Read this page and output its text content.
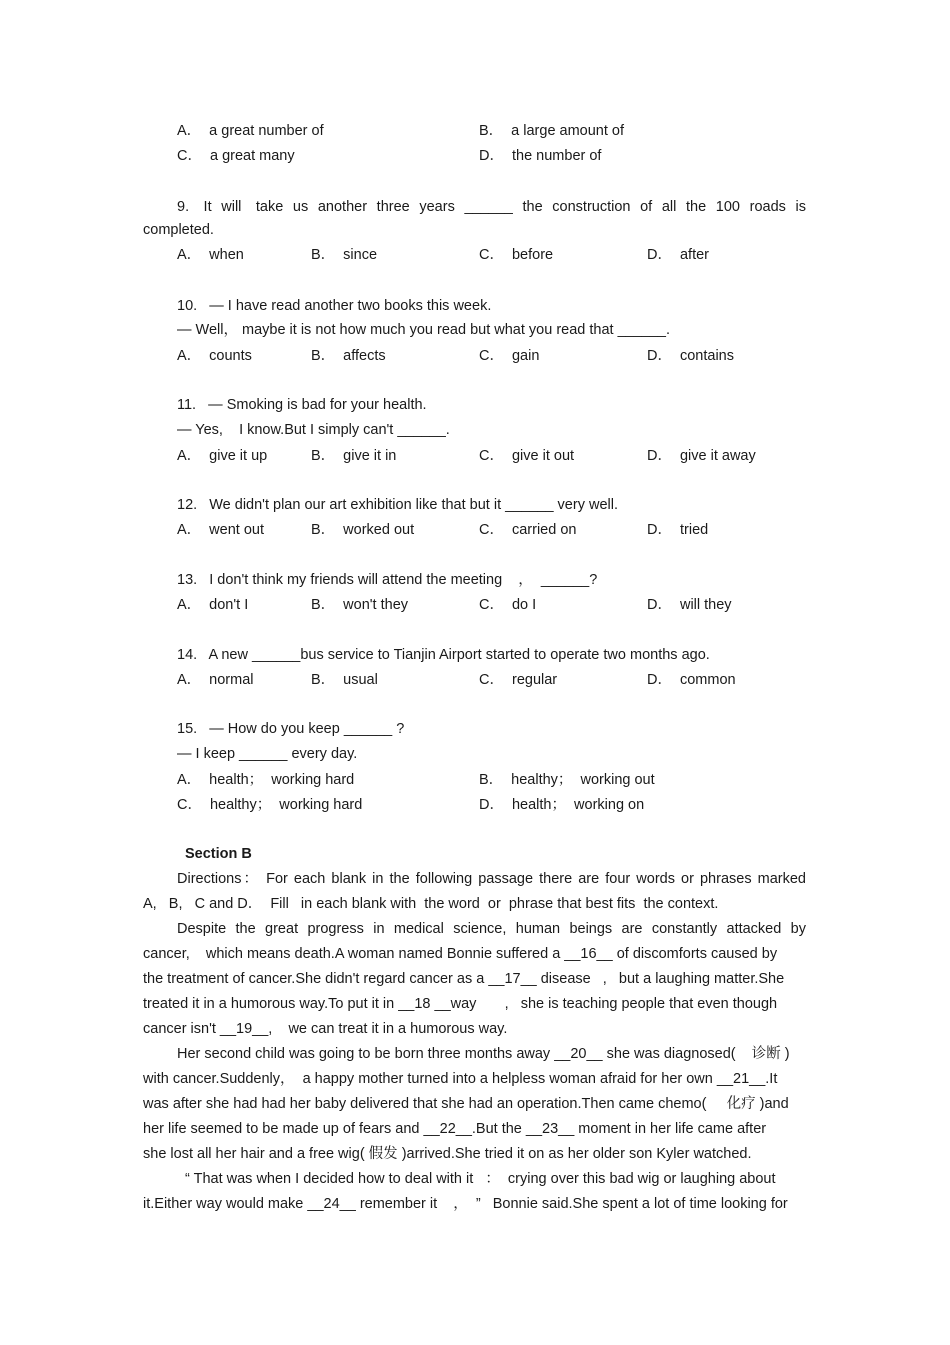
A． a great number of	B． a large amount of
C． a great many	D． the number of
9.   It  will   take  us  another  three  years  ______  the  construction  of  all  the  100  roads  is
completed.
A． when	B． since	C． before	D． after
10.   — I have read another two books this week.
— Well， maybe it is not how much you read but what you read that ______.
A． counts	B． affects	C． gain	D． contains
11.   — Smoking is bad for your health.
— Yes,    I know.But I simply can't ______.
A． give it up	B． give it in	C． give it out	D． give it away
12.   We didn't plan our art exhibition like that but it ______ very well.
A． went out	B． worked out	C． carried on	D． tried
13.   I don't think my friends will attend the meeting    ，  ______?
A． don't I	B． won't they	C． do I	D． will they
14.   A new ______bus service to Tianjin Airport started to operate two months ago.
A． normal	B． usual	C． regular	D． common
15.   — How do you keep ______ ?
— I keep ______ every day.
A． health；  working hard	B． healthy；  working out
C． healthy；  working hard	D． health；  working on
Section B
Directions： For each blank in the following passage there are four words or phrases marked
A,   B,   C and D．  Fill   in each blank with  the word  or  phrase that best fits  the context.
Despite the great progress in medical science, human beings are constantly attacked by
cancer,    which means death.A woman named Bonnie suffered a __16__ of discomforts caused by
the treatment of cancer.She didn't regard cancer as a __17__ disease   ,   but a laughing matter.She
treated it in a humorous way.To put it in __18 __way       ,   she is teaching people that even though
cancer isn't __19__,    we can treat it in a humorous way.
Her second child was going to be born three months away __20__ she was diagnosed(    诊断 )
with cancer.Suddenly，  a happy mother turned into a helpless woman afraid for her own __21__.It
was after she had had her baby delivered that she had an operation.Then came chemo(     化疗 )and
her life seemed to be made up of fears and __22__.But the __23__ moment in her life came after
she lost all her hair and a free wig( 假发 )arrived.She tried it on as her older son Kyler watched.
“ That was when I decided how to deal with it   ：  crying over this bad wig or laughing about
it.Either way would make __24__ remember it    ，  ”   Bonnie said.She spent a lot of time looking for
